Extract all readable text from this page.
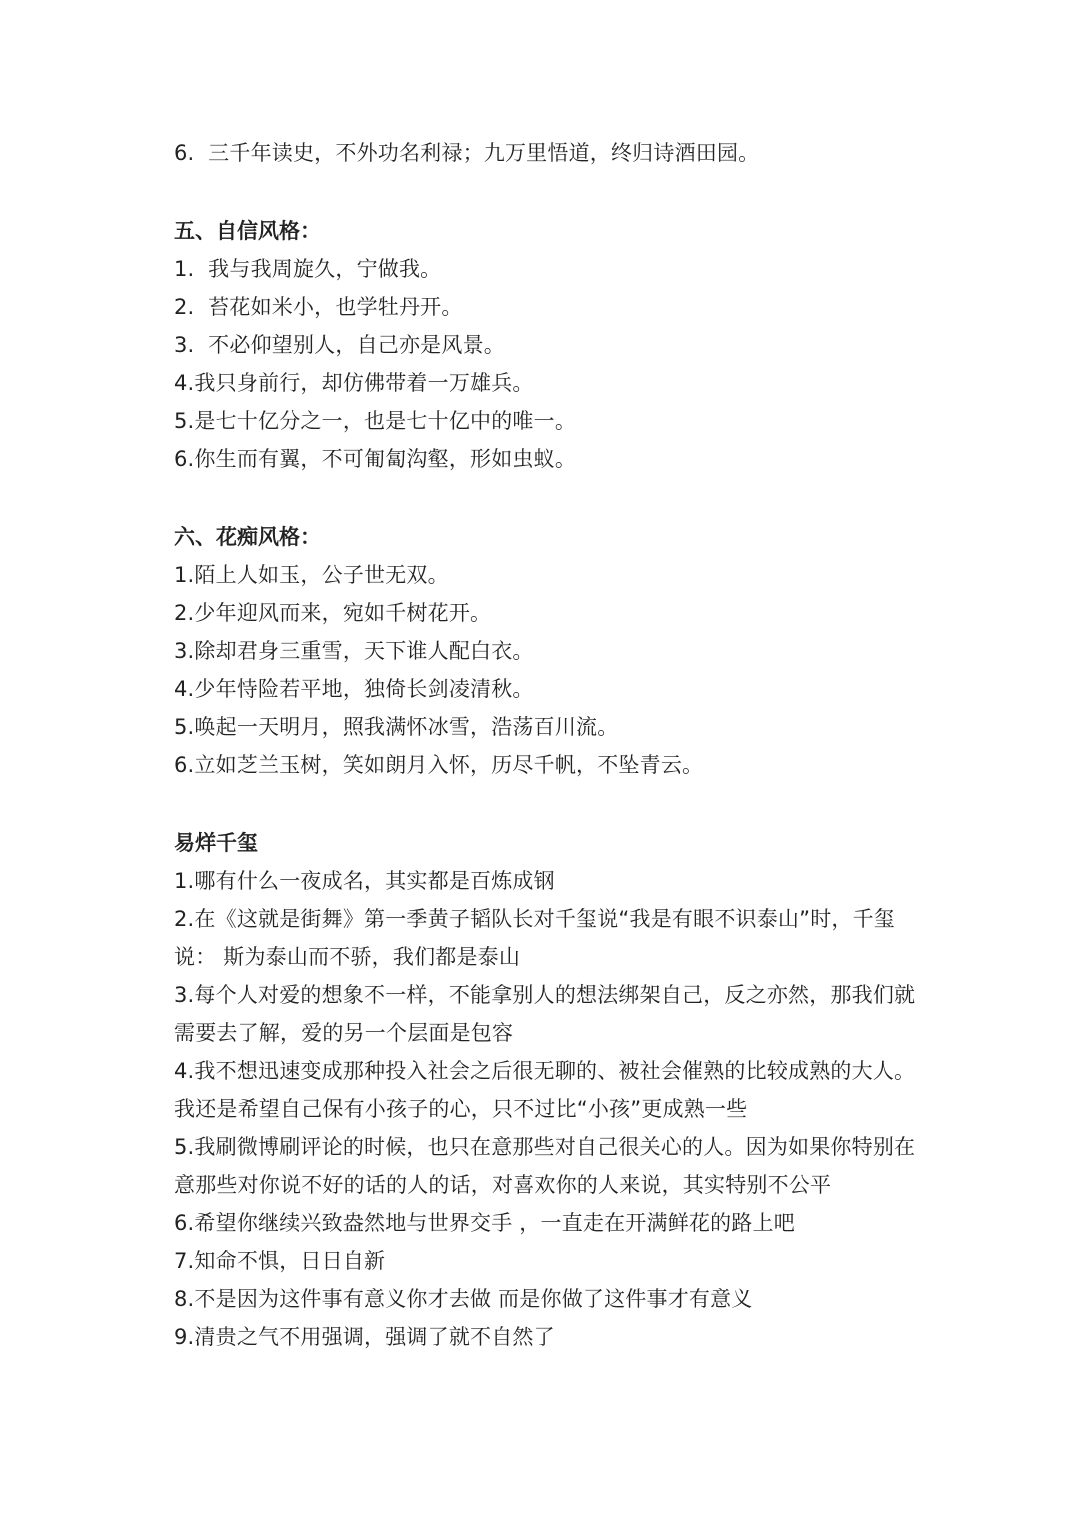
6.  三千年读史，不外功名利禄；九万里悟道，终归诗酒田园。
五、自信风格：
1.  我与我周旋久，宁做我。
2.  苔花如米小，也学牡丹开。
3.  不必仰望别人，自己亦是风景。
4.我只身前行，却仿佛带着一万雄兵。
5.是七十亿分之一，也是七十亿中的唯一。
6.你生而有翼，不可匍匐沟壑，形如虫蚁。
六、花痴风格：
1.陌上人如玉，公子世无双。
2.少年迎风而来，宛如千树花开。
3.除却君身三重雪，天下谁人配白衣。
4.少年恃险若平地，独倚长剑凌清秋。
5.唤起一天明月，照我满怀冰雪，浩荡百川流。
6.立如芝兰玉树，笑如朗月入怀，历尽千帆，不坠青云。
易烊千玺
1.哪有什么一夜成名，其实都是百炼成钢
2.在《这就是街舞》第一季黄子韬队长对千玺说“我是有眼不识泰山”时，千玺说： 斯为泰山而不骄，我们都是泰山
3.每个人对爱的想象不一样，不能拿别人的想法绑架自己，反之亦然，那我们就需要去了解，爱的另一个层面是包容
4.我不想迅速变成那种投入社会之后很无聊的、被社会催熟的比较成熟的大人。我还是希望自己保有小孩子的心，只不过比“小孩”更成熟一些
5.我刷微博刷评论的时候，也只在意那些对自己很关心的人。因为如果你特别在意那些对你说不好的话的人的话，对喜欢你的人来说，其实特别不公平
6.希望你继续兴致盎然地与世界交手 ，一直走在开满鲜花的路上吧
7.知命不惧，日日自新
8.不是因为这件事有意义你才去做 而是你做了这件事才有意义
9.清贵之气不用强调，强调了就不自然了
